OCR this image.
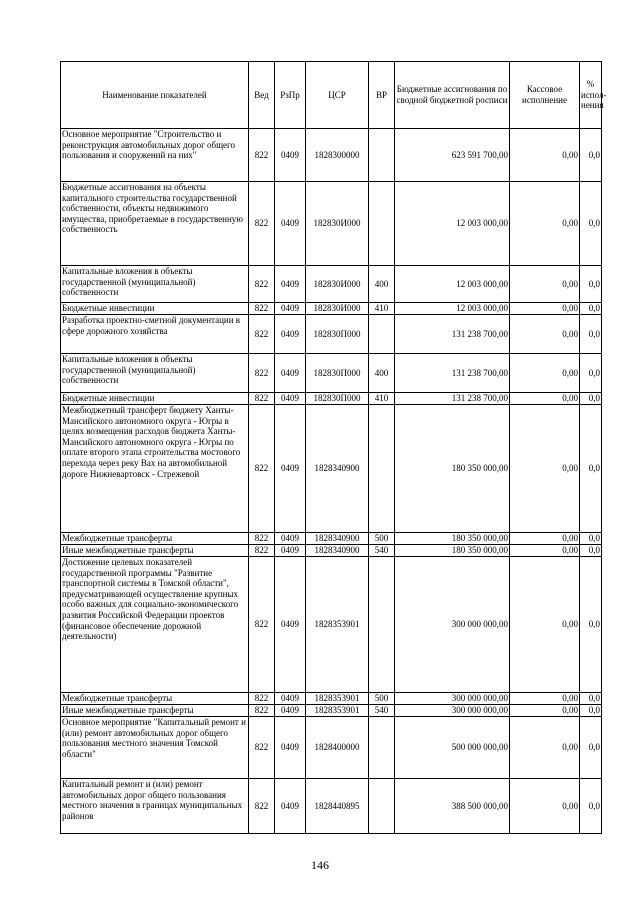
Наименование показателей	Вед	РзПр	ЦСР	ВР	Бюджетные ассигнования по сводной бюджетной росписи	Кассовое исполнение	% испол-нения
Основное мероприятие "Строительство и реконструкция автомобильных дорог общего пользования и сооружений на них"	822	0409	1828300000		623 591 700,00	0,00	0,0
Бюджетные ассигнования на объекты капитального строительства государственной собственности, объекты недвижимого имущества, приобретаемые в государственную собственность	822	0409	182830И000		12 003 000,00	0,00	0,0
Капитальные вложения в объекты государственной (муниципальной) собственности	822	0409	182830И000	400	12 003 000,00	0,00	0,0
Бюджетные инвестиции	822	0409	182830И000	410	12 003 000,00	0,00	0,0
Разработка проектно-сметной документации в сфере дорожного хозяйства	822	0409	182830П000		131 238 700,00	0,00	0,0
Капитальные вложения в объекты государственной (муниципальной) собственности	822	0409	182830П000	400	131 238 700,00	0,00	0,0
Бюджетные инвестиции	822	0409	182830П000	410	131 238 700,00	0,00	0,0
Межбюджетный трансферт бюджету Ханты-Мансийского автономного округа - Югры в целях возмещения расходов бюджета Ханты-Мансийского автономного округа - Югры по оплате второго этапа строительства мостового перехода через реку Вах на автомобильной дороге Нижневартовск - Стрежевой	822	0409	1828340900		180 350 000,00	0,00	0,0
Межбюджетные трансферты	822	0409	1828340900	500	180 350 000,00	0,00	0,0
Иные межбюджетные трансферты	822	0409	1828340900	540	180 350 000,00	0,00	0,0
Достижение целевых показателей государственной программы "Развитие транспортной системы в Томской области", предусматривающей осуществление крупных особо важных для социально-экономического развития Российской Федерации проектов (финансовое обеспечение дорожной деятельности)	822	0409	1828353901		300 000 000,00	0,00	0,0
Межбюджетные трансферты	822	0409	1828353901	500	300 000 000,00	0,00	0,0
Иные межбюджетные трансферты	822	0409	1828353901	540	300 000 000,00	0,00	0,0
Основное мероприятие "Капитальный ремонт и (или) ремонт автомобильных дорог общего пользования местного значения Томской области"	822	0409	1828400000		500 000 000,00	0,00	0,0
Капитальный ремонт и (или) ремонт автомобильных дорог общего пользования местного значения в границах муниципальных районов	822	0409	1828440895		388 500 000,00	0,00	0,0
146
